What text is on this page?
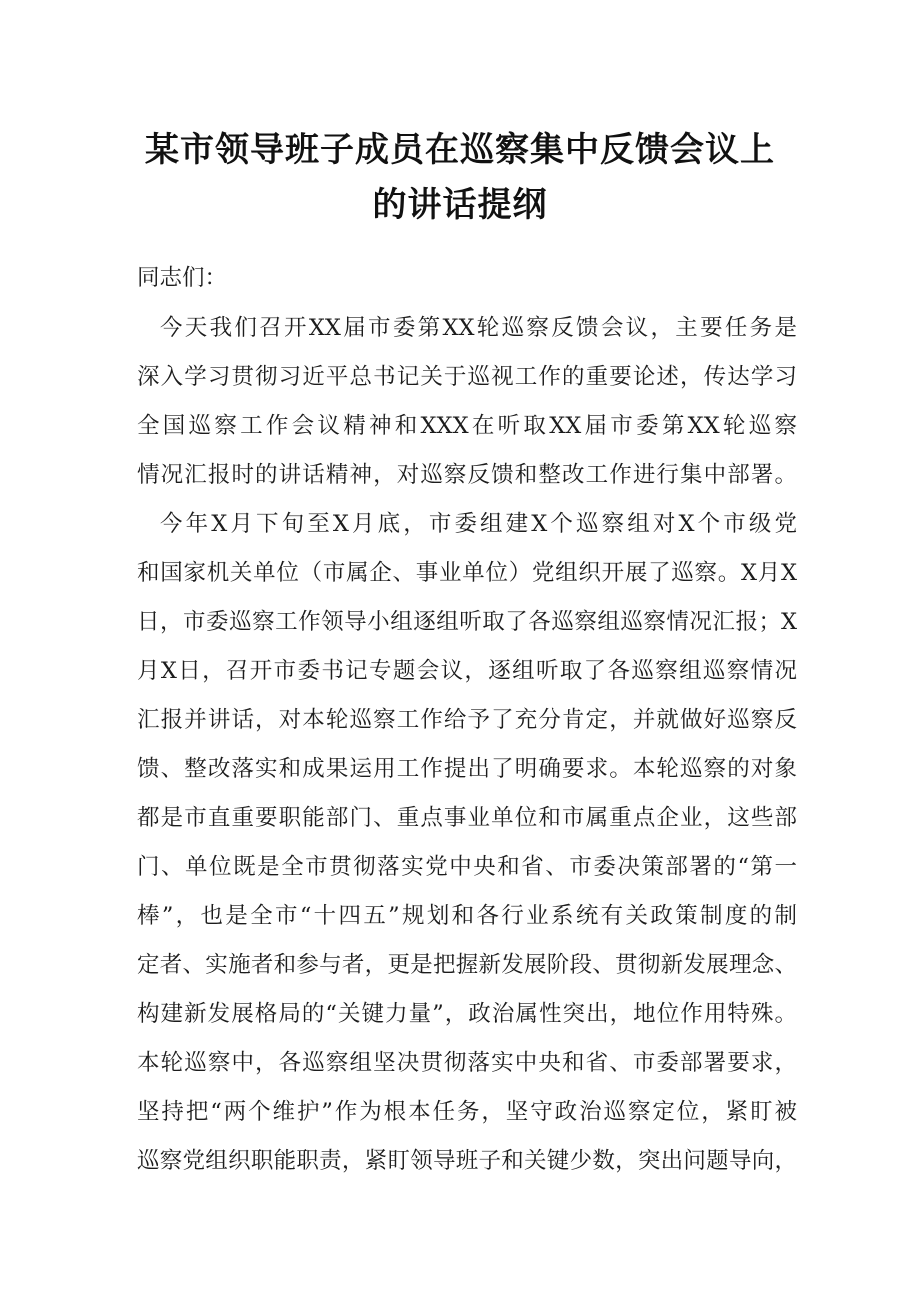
某市领导班子成员在巡察集中反馈会议上
的讲话提纲
同志们：
今天我们召开XX届市委第XX轮巡察反馈会议，主要任务是
深入学习贯彻习近平总书记关于巡视工作的重要论述，传达学习
全国巡察工作会议精神和XXX在听取XX届市委第XX轮巡察
情况汇报时的讲话精神，对巡察反馈和整改工作进行集中部署。
今年X月下旬至X月底，市委组建X个巡察组对X个市级党
和国家机关单位（市属企、事业单位）党组织开展了巡察。X月X
日，市委巡察工作领导小组逐组听取了各巡察组巡察情况汇报；X
月X日，召开市委书记专题会议，逐组听取了各巡察组巡察情况
汇报并讲话，对本轮巡察工作给予了充分肯定，并就做好巡察反
馈、整改落实和成果运用工作提出了明确要求。本轮巡察的对象
都是市直重要职能部门、重点事业单位和市属重点企业，这些部
门、单位既是全市贯彻落实党中央和省、市委决策部署的“第一
棒”，也是全市“十四五”规划和各行业系统有关政策制度的制
定者、实施者和参与者，更是把握新发展阶段、贯彻新发展理念、
构建新发展格局的“关键力量”，政治属性突出，地位作用特殊。
本轮巡察中，各巡察组坚决贯彻落实中央和省、市委部署要求，
坚持把“两个维护”作为根本任务，坚守政治巡察定位，紧盯被
巡察党组织职能职责，紧盯领导班子和关键少数，突出问题导向，
